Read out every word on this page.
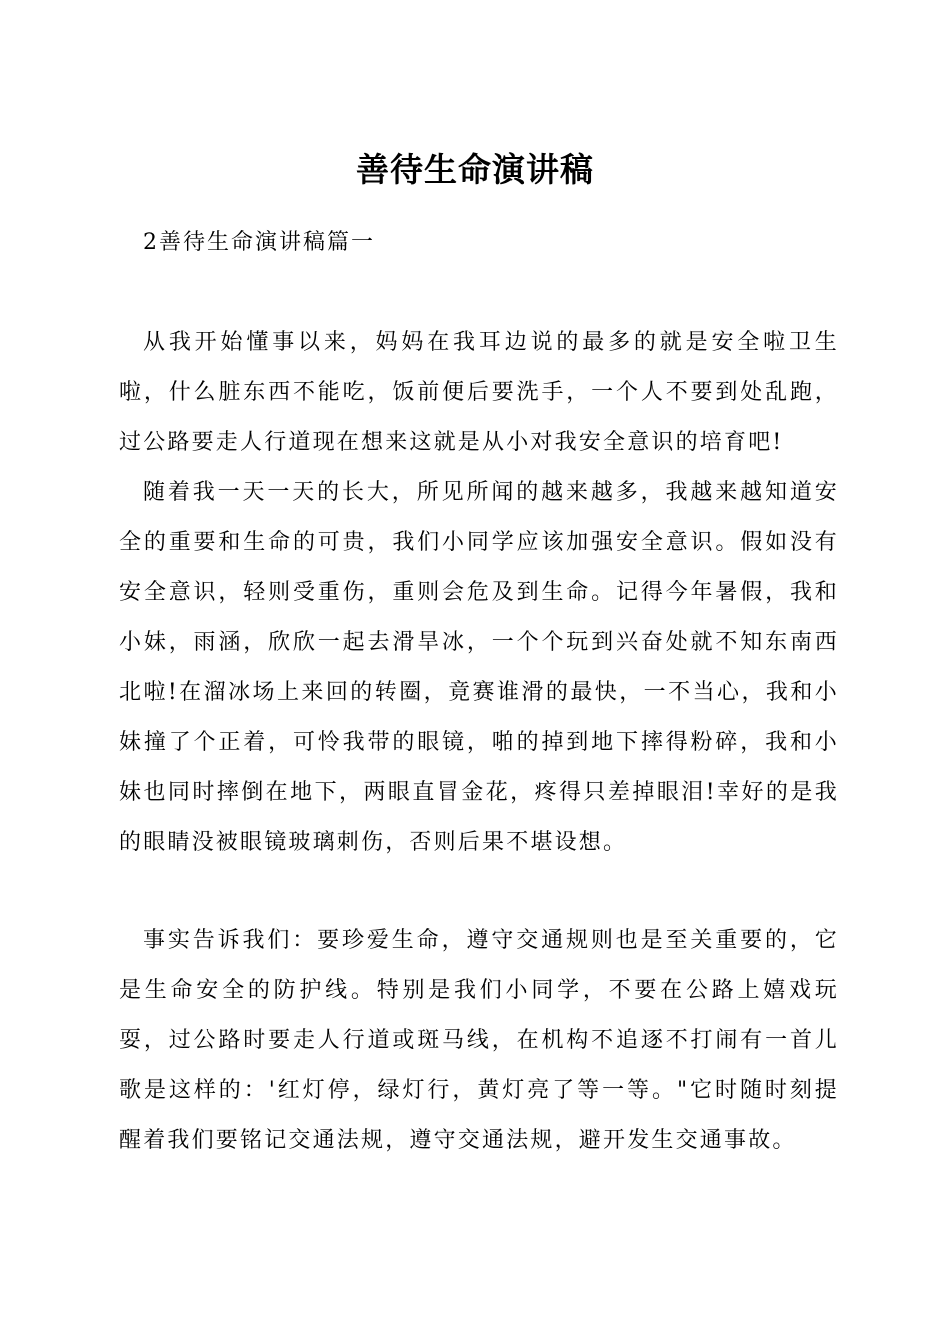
善待生命演讲稿
2善待生命演讲稿篇一

从我开始懂事以来，妈妈在我耳边说的最多的就是安全啦卫生啦，什么脏东西不能吃，饭前便后要洗手，一个人不要到处乱跑，过公路要走人行道现在想来这就是从小对我安全意识的培育吧!

随着我一天一天的长大，所见所闻的越来越多，我越来越知道安全的重要和生命的可贵，我们小同学应该加强安全意识。假如没有安全意识，轻则受重伤，重则会危及到生命。记得今年暑假，我和小妹，雨涵，欣欣一起去滑旱冰，一个个玩到兴奋处就不知东南西北啦!在溜冰场上来回的转圈，竟赛谁滑的最快，一不当心，我和小妹撞了个正着，可怜我带的眼镜，啪的掉到地下摔得粉碎，我和小妹也同时摔倒在地下，两眼直冒金花，疼得只差掉眼泪!幸好的是我的眼睛没被眼镜玻璃刺伤，否则后果不堪设想。

事实告诉我们：要珍爱生命，遵守交通规则也是至关重要的，它是生命安全的防护线。特别是我们小同学，不要在公路上嬉戏玩耍，过公路时要走人行道或斑马线，在机构不追逐不打闹有一首儿歌是这样的：'红灯停，绿灯行，黄灯亮了等一等。"它时随时刻提醒着我们要铭记交通法规，遵守交通法规，避开发生交通事故。
